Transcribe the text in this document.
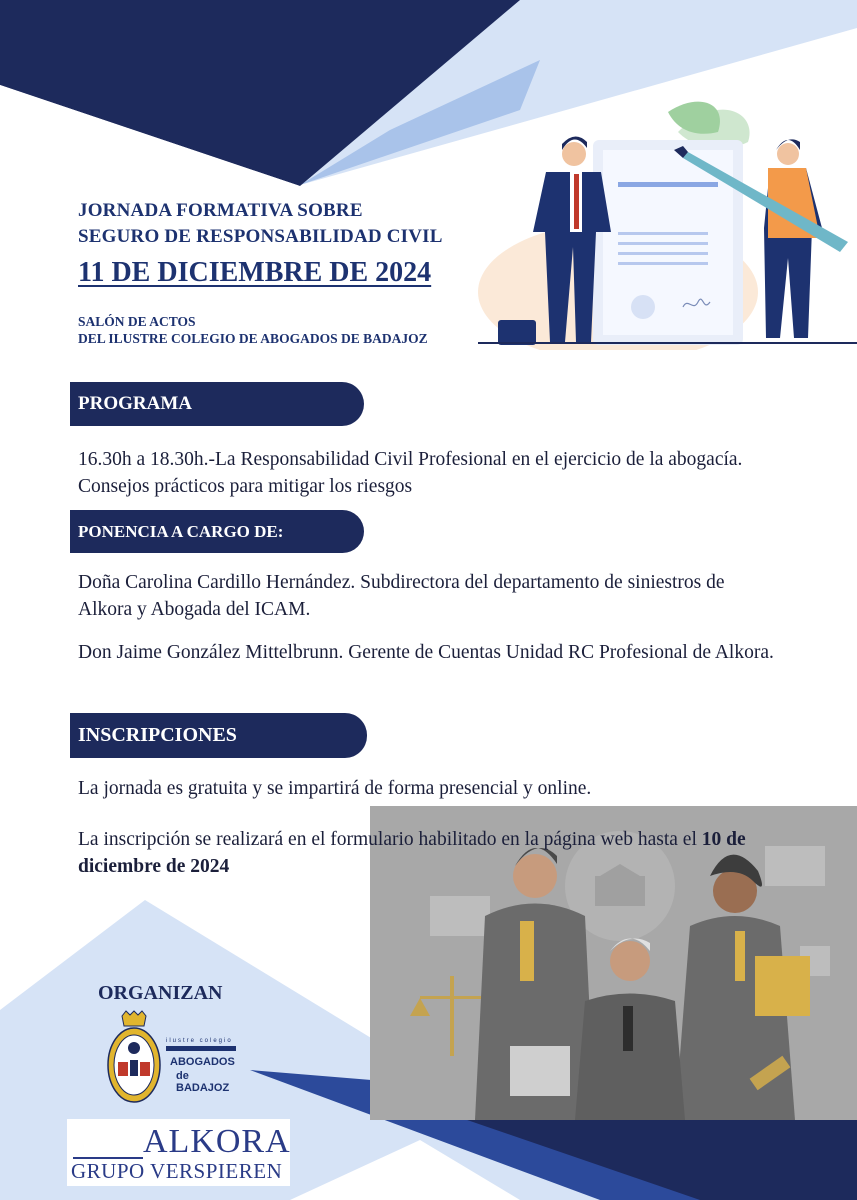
JORNADA FORMATIVA SOBRE
SEGURO DE RESPONSABILIDAD CIVIL
11 DE DICIEMBRE DE 2024
SALÓN DE ACTOS
DEL ILUSTRE COLEGIO DE ABOGADOS DE BADAJOZ
PROGRAMA
16.30h a 18.30h.-La Responsabilidad Civil Profesional en el ejercicio de la abogacía. Consejos prácticos para mitigar los riesgos
PONENCIA A CARGO DE:
Doña Carolina Cardillo Hernández. Subdirectora del departamento de siniestros de Alkora y Abogada del ICAM.
Don Jaime González Mittelbrunn. Gerente de Cuentas Unidad RC Profesional de Alkora.
INSCRIPCIONES
La jornada es gratuita y se impartirá de forma presencial y online.
La inscripción se realizará en el formulario habilitado en la página web hasta el 10 de diciembre de 2024
ORGANIZAN
ilustre colegio
ABOGADOS
de BADAJOZ
ALKORA
GRUPO VERSPIEREN
